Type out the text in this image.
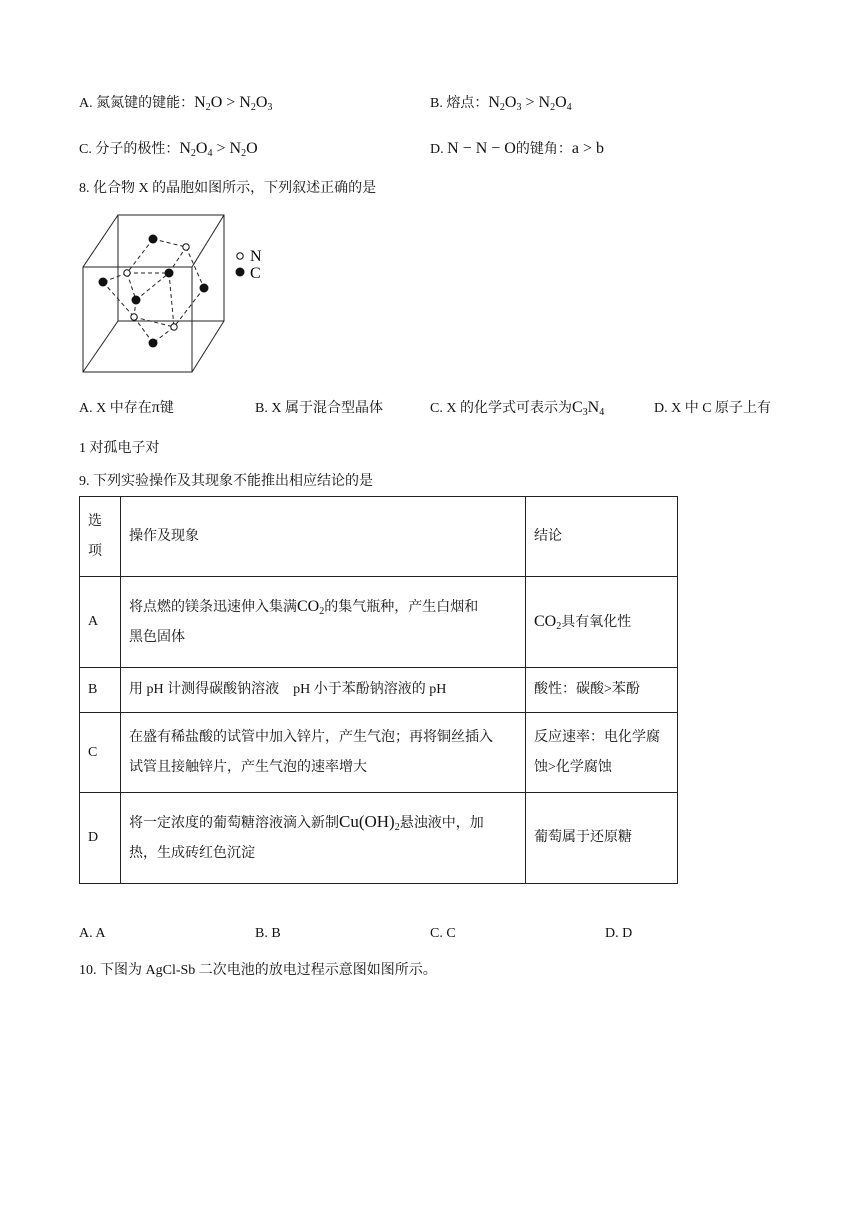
A. 氮氮键的键能：$N_2O > N_2O_3$	B. 熔点：$N_2O_3 > N_2O_4$
C. 分子的极性：$N_2O_4 > N_2O$	D. N − N − O的键角：a > b
8. 化合物 X 的晶胞如图所示，下列叙述正确的是
N
C
A. X 中存在π键	B. X 属于混合型晶体	C. X 的化学式可表示为$C_3N_4$	D. X 中 C 原子上有
1 对孤电子对
9. 下列实验操作及其现象不能推出相应结论的是
选
项	操作及现象	结论
A	将点燃的镁条迅速伸入集满$CO_2$的集气瓶种，产生白烟和
黑色固体	$CO_2$具有氧化性
B	用 pH 计测得碳酸钠溶液　pH 小于苯酚钠溶液的 pH	酸性：碳酸>苯酚
C	在盛有稀盐酸的试管中加入锌片，产生气泡；再将铜丝插入
试管且接触锌片，产生气泡的速率增大	反应速率：电化学腐
蚀>化学腐蚀
D	将一定浓度的葡萄糖溶液滴入新制$Cu(OH)_2$悬浊液中，加
热，生成砖红色沉淀	葡萄属于还原糖
A. A	B. B	C. C	D. D
10. 下图为 AgCl-Sb 二次电池的放电过程示意图如图所示。
